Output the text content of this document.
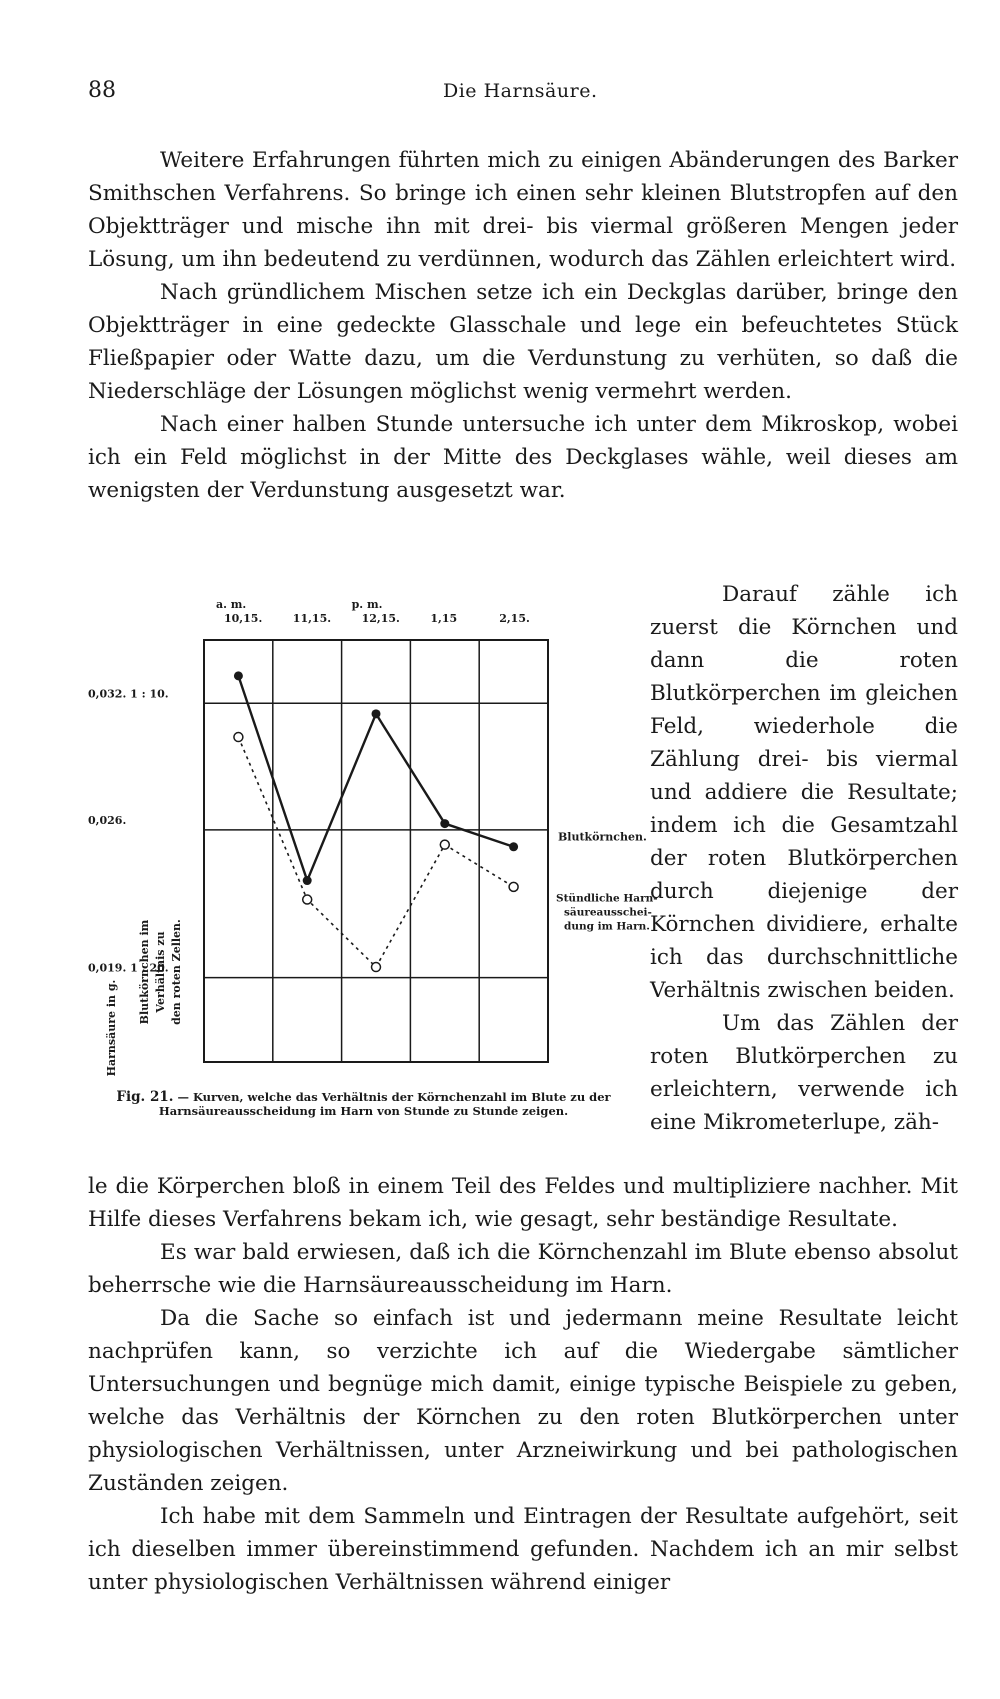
88	Die Harnsäure.

Weitere Erfahrungen führten mich zu einigen Abänderungen des Barker Smithschen Verfahrens. So bringe ich einen sehr kleinen Blutstropfen auf den Objektträger und mische ihn mit drei- bis viermal größeren Mengen jeder Lösung, um ihn bedeutend zu verdünnen, wodurch das Zählen erleichtert wird.

Nach gründlichem Mischen setze ich ein Deckglas darüber, bringe den Objektträger in eine gedeckte Glasschale und lege ein befeuchtetes Stück Fließpapier oder Watte dazu, um die Verdunstung zu verhüten, so daß die Niederschläge der Lösungen möglichst wenig vermehrt werden.

Nach einer halben Stunde untersuche ich unter dem Mikroskop, wobei ich ein Feld möglichst in der Mitte des Deckglases wähle, weil dieses am wenigsten der Verdunstung ausgesetzt war.

Darauf zähle ich zuerst die Körnchen und dann die roten Blutkörperchen im gleichen Feld, wiederhole die Zählung drei- bis viermal und addiere die Resultate; indem ich die Gesamtzahl der roten Blutkörperchen durch diejenige der Körnchen dividiere, erhalte ich das durchschnittliche Verhältnis zwischen beiden.

Um das Zählen der roten Blutkörperchen zu erleichtern, verwende ich eine Mikrometerlupe, zäh-

a. m.	p. m.
10,15.	11,15.	12,15.	1,15	2,15.
0,032. 1 : 10.
0,026.
0,019. 1 : 20.
Harnsäure in g.
Blutkörnchen im Verhältnis zu den roten Zellen.
Blutkörnchen.
Stündliche Harn-säureausschei-dung im Harn.
Fig. 21. — Kurven, welche das Verhältnis der Körnchenzahl im Blute zu der Harnsäureausscheidung im Harn von Stunde zu Stunde zeigen.

le die Körperchen bloß in einem Teil des Feldes und multipliziere nachher. Mit Hilfe dieses Verfahrens bekam ich, wie gesagt, sehr beständige Resultate.

Es war bald erwiesen, daß ich die Körnchenzahl im Blute ebenso absolut beherrsche wie die Harnsäureausscheidung im Harn.

Da die Sache so einfach ist und jedermann meine Resultate leicht nachprüfen kann, so verzichte ich auf die Wiedergabe sämtlicher Untersuchungen und begnüge mich damit, einige typische Beispiele zu geben, welche das Verhältnis der Körnchen zu den roten Blutkörperchen unter physiologischen Verhältnissen, unter Arzneiwirkung und bei pathologischen Zuständen zeigen.

Ich habe mit dem Sammeln und Eintragen der Resultate aufgehört, seit ich dieselben immer übereinstimmend gefunden. Nachdem ich an mir selbst unter physiologischen Verhältnissen während einiger
